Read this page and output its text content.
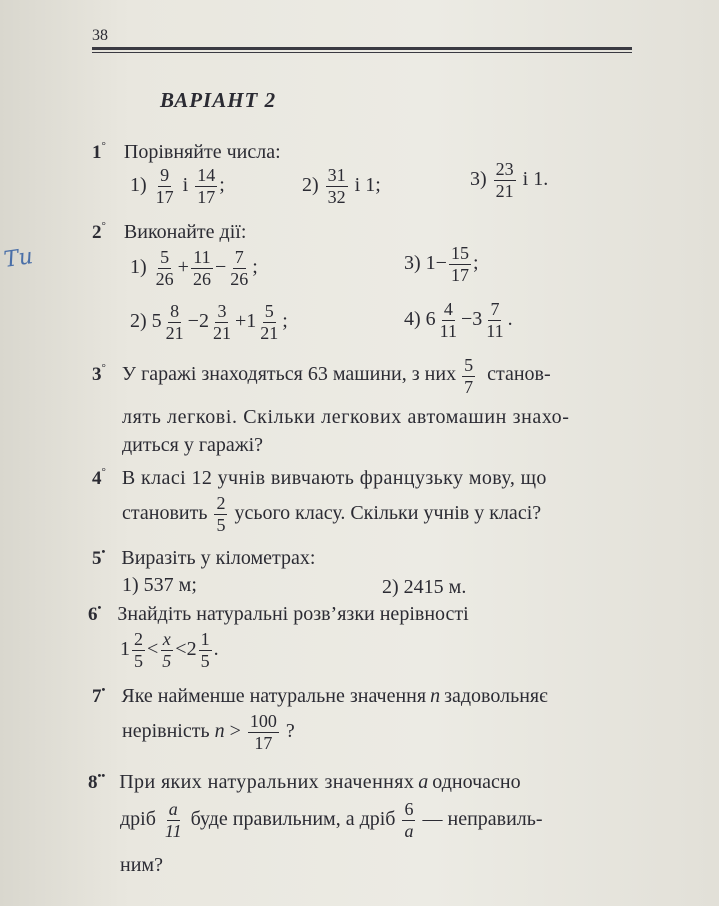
38
ВАРІАНТ 2
Ти
1° Порівняйте числа:
$1) \frac{9}{17}$ і $\frac{14}{17}$ ;	$2) \frac{31}{32}$ і 1;	$3) \frac{23}{21}$ і 1.
2° Виконайте дії:
$1) \frac{5}{26} + \frac{11}{26} - \frac{7}{26}$ ;	3) $1- \frac{15}{17}$ ;
2) $5 \frac{8}{21} -2 \frac{3}{21} +1 \frac{5}{21}$ ;	4) $6 \frac{4}{11} -3 \frac{7}{11}$ .
3° У гаражі знаходяться 63 машини, з них $\frac{5}{7}$ станов-
лять легкові. Скільки легкових автомашин знахо-
диться у гаражі?
4° В класі 12 учнів вивчають французьку мову, що
становить $\frac{2}{5}$ усього класу. Скільки учнів у класі?
5• Виразіть у кілометрах:
1) 537 м;	2) 2415 м.
6• Знайдіть натуральні розв’язки нерівності
$1 \frac{2}{5} < \frac{x}{5} <2 \frac{1}{5}$ .
7• Яке найменше натуральне значення n задовольняє
нерівність $n > \frac{100}{17}$ ?
8•• При яких натуральних значеннях a одночасно
дріб $\frac{a}{11}$ буде правильним, а дріб $\frac{6}{a}$ — неправиль-
ним?
